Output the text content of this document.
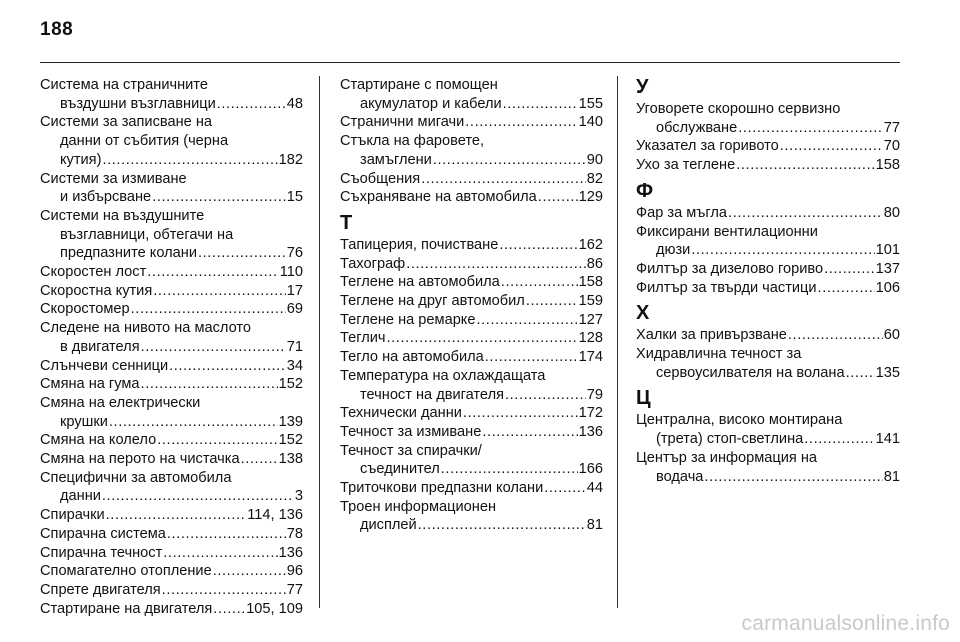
188
Система на страничните
въздушни възглавници .....	48
Системи за записване на
данни от събития (черна
кутия) .....	182
Системи за измиване
и избърсване .....	15
Системи на въздушните
възглавници, обтегачи на
предпазните колани .....	76
Скоростен лост .....	110
Скоростна кутия .....	17
Скоростомер .....	69
Следене на нивото на маслото
в двигателя .....	71
Слънчеви сенници .....	34
Смяна на гума .....	152
Смяна на електрически
крушки .....	139
Смяна на колело .....	152
Смяна на перото на чистачка .....	138
Специфични за автомобила
данни .....	3
Спирачки .....	114, 136
Спирачна система .....	78
Спирачна течност .....	136
Спомагателно отопление .....	96
Спрете двигателя .....	77
Стартиране на двигателя ..... 105, 109
Стартиране с помощен
акумулатор и кабели .....	155
Странични мигачи .....	140
Стъкла на фаровете,
замъглени .....	90
Съобщения .....	82
Съхраняване на автомобила .....	129
Т
Тапицерия, почистване .....	162
Тахограф .....	86
Теглене на автомобила .....	158
Теглене на друг автомобил .....	159
Теглене на ремарке .....	127
Теглич .....	128
Тегло на автомобила .....	174
Температура на охлаждащата
течност на двигателя .....	79
Технически данни .....	172
Течност за измиване .....	136
Течност за спирачки/
съединител .....	166
Триточкови предпазни колани .....	44
Троен информационен
дисплей .....	81
У
Уговорете скорошно сервизно
обслужване .....	77
Указател за горивото .....	70
Ухо за теглене .....	158
Ф
Фар за мъгла .....	80
Фиксирани вентилационни
дюзи .....	101
Филтър за дизелово гориво .....	137
Филтър за твърди частици .....	106
Х
Халки за привързване .....	60
Хидравлична течност за
сервоусилвателя на волана ..... 135
Ц
Централна, високо монтирана
(трета) стоп-светлина .....	141
Център за информация на
водача .....	81
carmanualsonline.info
